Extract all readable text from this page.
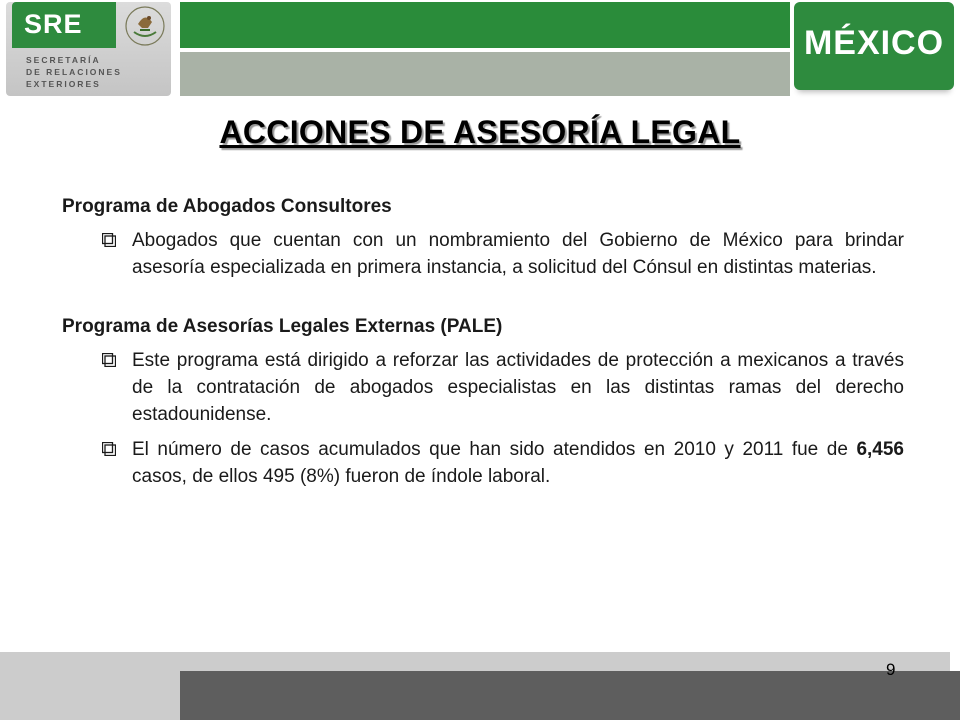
SRE
SECRETARÍA
DE RELACIONES
EXTERIORES
MÉXICO
ACCIONES DE ASESORÍA LEGAL

Programa de Abogados Consultores

Abogados que cuentan con un nombramiento del Gobierno de México para brindar asesoría especializada en primera instancia, a solicitud del Cónsul en distintas materias.

Programa de Asesorías Legales Externas (PALE)

Este programa está dirigido a reforzar las actividades de protección a mexicanos a través de la contratación de abogados especialistas en las distintas ramas del derecho estadounidense.
El número de casos acumulados que han sido atendidos en 2010 y 2011 fue de 6,456 casos, de ellos 495 (8%) fueron de índole laboral.
9
